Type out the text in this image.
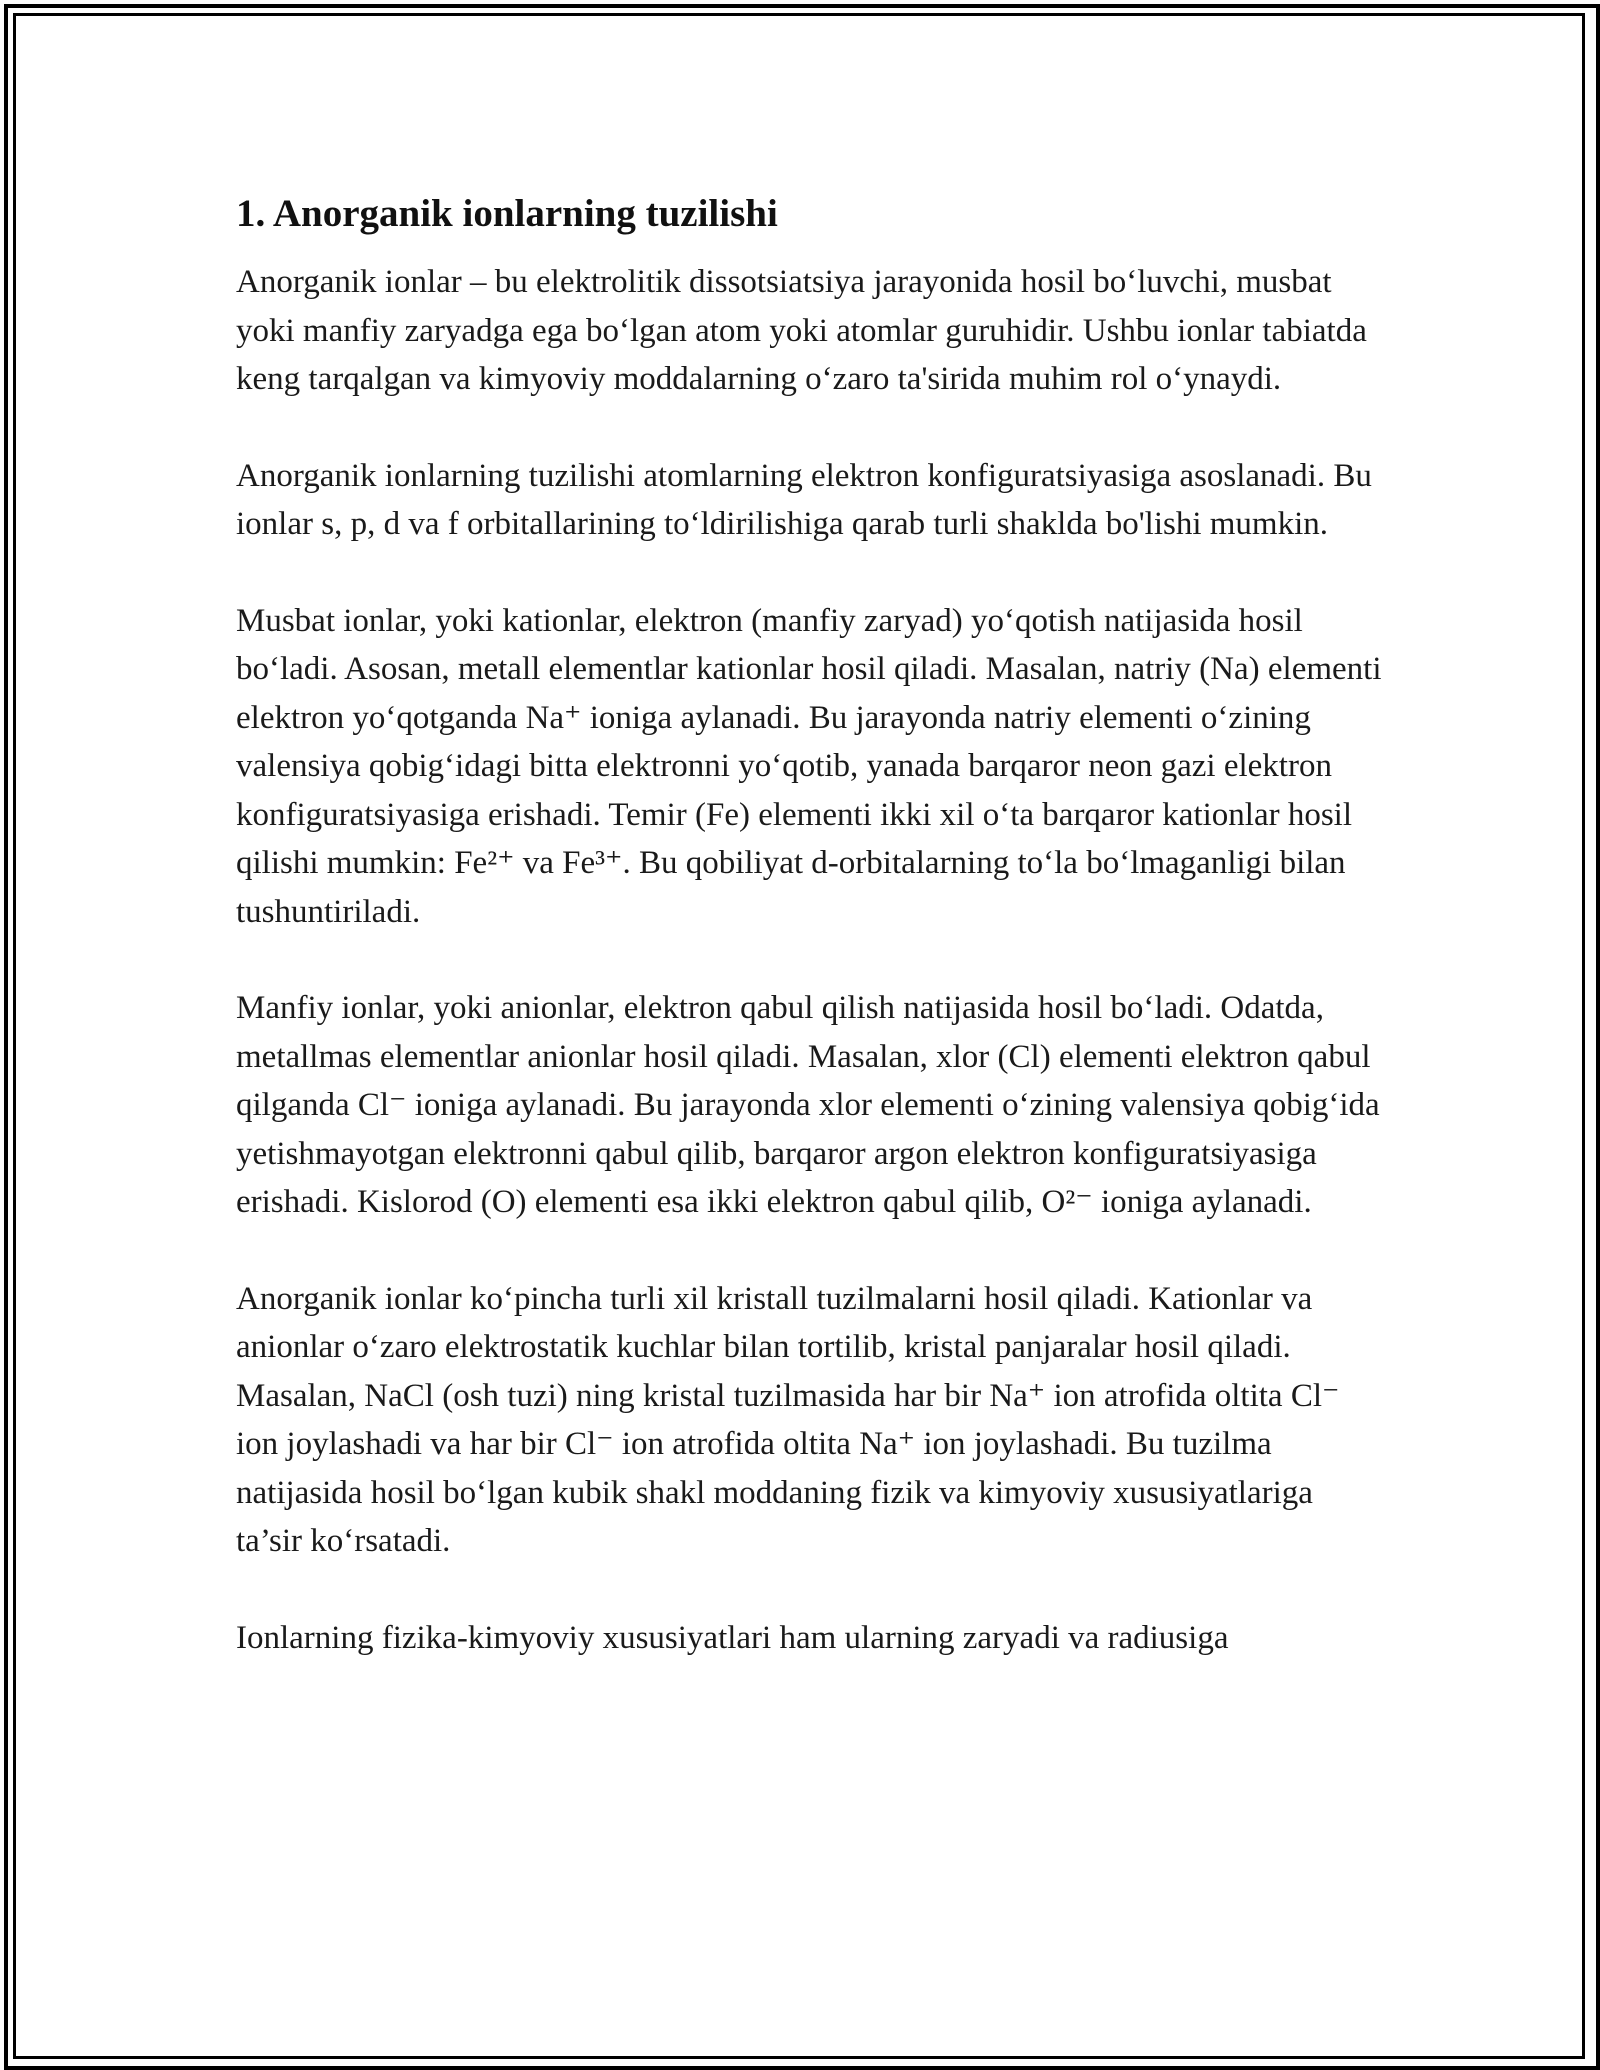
1. Anorganik ionlarning tuzilishi

Anorganik ionlar – bu elektrolitik dissotsiatsiya jarayonida hosil bo‘luvchi, musbat yoki manfiy zaryadga ega bo‘lgan atom yoki atomlar guruhidir. Ushbu ionlar tabiatda keng tarqalgan va kimyoviy moddalarning o‘zaro ta'sirida muhim rol o‘ynaydi.

Anorganik ionlarning tuzilishi atomlarning elektron konfiguratsiyasiga asoslanadi. Bu ionlar s, p, d va f orbitallarining to‘ldirilishiga qarab turli shakldа bo'lishi mumkin.

Musbat ionlar, yoki kationlar, elektron (manfiy zaryad) yo‘qotish natijasida hosil bo‘ladi. Asosan, metall elementlar kationlar hosil qiladi. Masalan, natriy (Na) elementi elektron yo‘qotganda Na⁺ ioniga aylanadi. Bu jarayonda natriy elementi o‘zining valensiya qobig‘idagi bitta elektronni yo‘qotib, yanada barqaror neon gazi elektron konfiguratsiyasiga erishadi. Temir (Fe) elementi ikki xil o‘ta barqaror kationlar hosil qilishi mumkin: Fe²⁺ va Fe³⁺. Bu qobiliyat d-orbitalarning to‘la bo‘lmaganligi bilan tushuntiriladi.

Manfiy ionlar, yoki anionlar, elektron qabul qilish natijasida hosil bo‘ladi. Odatda, metallmas elementlar anionlar hosil qiladi. Masalan, xlor (Cl) elementi elektron qabul qilganda Cl⁻ ioniga aylanadi. Bu jarayonda xlor elementi o‘zining valensiya qobig‘ida yetishmayotgan elektronni qabul qilib, barqaror argon elektron konfiguratsiyasiga erishadi. Kislorod (O) elementi esa ikki elektron qabul qilib, O²⁻ ioniga aylanadi.

Anorganik ionlar ko‘pincha turli xil kristall tuzilmalarni hosil qiladi. Kationlar va anionlar o‘zaro elektrostatik kuchlar bilan tortilib, kristal panjaralar hosil qiladi. Masalan, NaCl (osh tuzi) ning kristal tuzilmasida har bir Na⁺ ion atrofida oltita Cl⁻ ion joylashadi va har bir Cl⁻ ion atrofida oltita Na⁺ ion joylashadi. Bu tuzilma natijasida hosil bo‘lgan kubik shakl moddaning fizik va kimyoviy xususiyatlariga ta’sir ko‘rsatadi.

Ionlarning fizika-kimyoviy xususiyatlari ham ularning zaryadi va radiusiga
